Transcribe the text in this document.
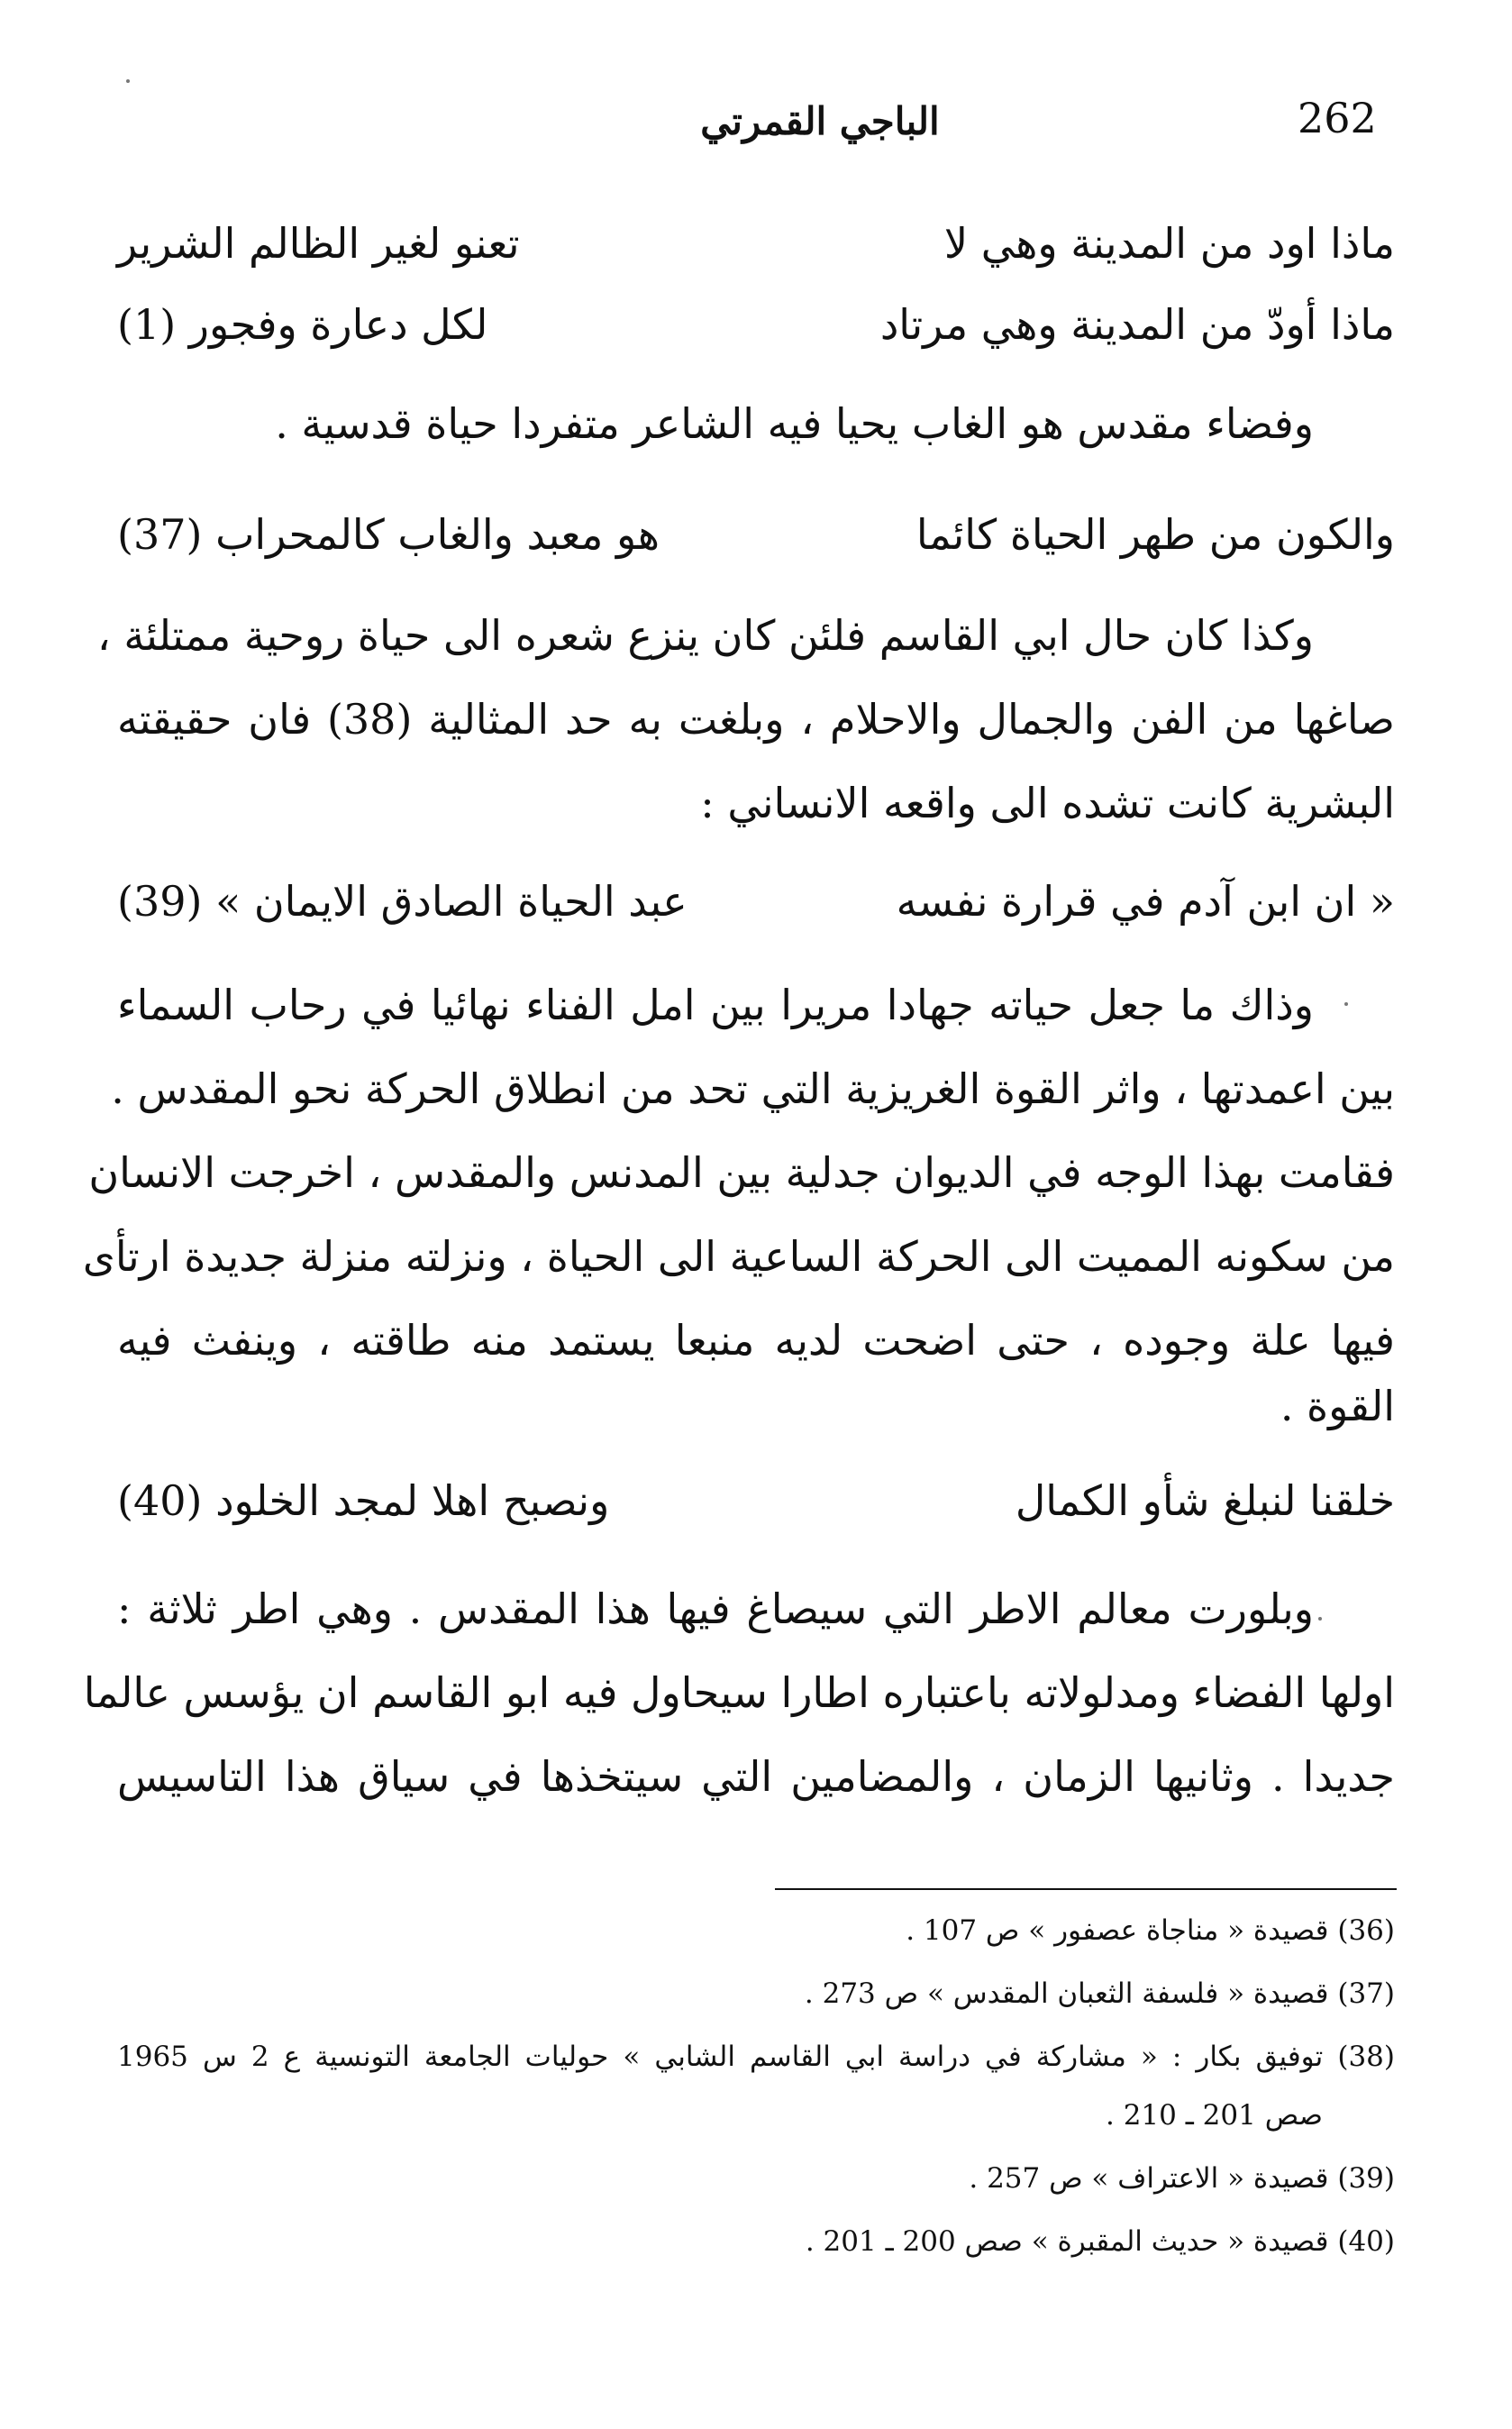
262
الباجي القمرتي
ماذا اود من المدينة وهي لا
تعنو لغير الظالم الشرير
ماذا أودّ من المدينة وهي مرتاد
لكل دعارة وفجور (1)
وفضاء مقدس هو الغاب يحيا فيه الشاعر متفردا حياة قدسية .
والكون من طهر الحياة كائما
هو معبد والغاب كالمحراب (37)
وكذا كان حال ابي القاسم فلئن كان ينزع شعره الى حياة روحية ممتلئة ،
صاغها من الفن والجمال والاحلام ، وبلغت به حد المثالية (38) فان حقيقته
البشرية كانت تشده الى واقعه الانساني :
« ان ابن آدم في قرارة نفسه
عبد الحياة الصادق الايمان » (39)
وذاك ما جعل حياته جهادا مريرا بين امل الفناء نهائيا في رحاب السماء
بين اعمدتها ، واثر القوة الغريزية التي تحد من انطلاق الحركة نحو المقدس .
فقامت بهذا الوجه في الديوان جدلية بين المدنس والمقدس ، اخرجت الانسان
من سكونه المميت الى الحركة الساعية الى الحياة ، ونزلته منزلة جديدة ارتأى
فيها علة وجوده ، حتى اضحت لديه منبعا يستمد منه طاقته ، وينفث فيه
القوة .
خلقنا لنبلغ شأو الكمال
ونصبح اهلا لمجد الخلود (40)
وبلورت معالم الاطر التي سيصاغ فيها هذا المقدس . وهي اطر ثلاثة :
اولها الفضاء ومدلولاته باعتباره اطارا سيحاول فيه ابو القاسم ان يؤسس عالما
جديدا . وثانيها الزمان ، والمضامين التي سيتخذها في سياق هذا التاسيس
(36) قصيدة « مناجاة عصفور » ص 107 .
(37) قصيدة « فلسفة الثعبان المقدس » ص 273 .
(38) توفيق بكار : « مشاركة في دراسة ابي القاسم الشابي » حوليات الجامعة التونسية ع 2 س 1965
صص 201 ـ 210 .
(39) قصيدة « الاعتراف » ص 257 .
(40) قصيدة « حديث المقبرة » صص 200 ـ 201 .
